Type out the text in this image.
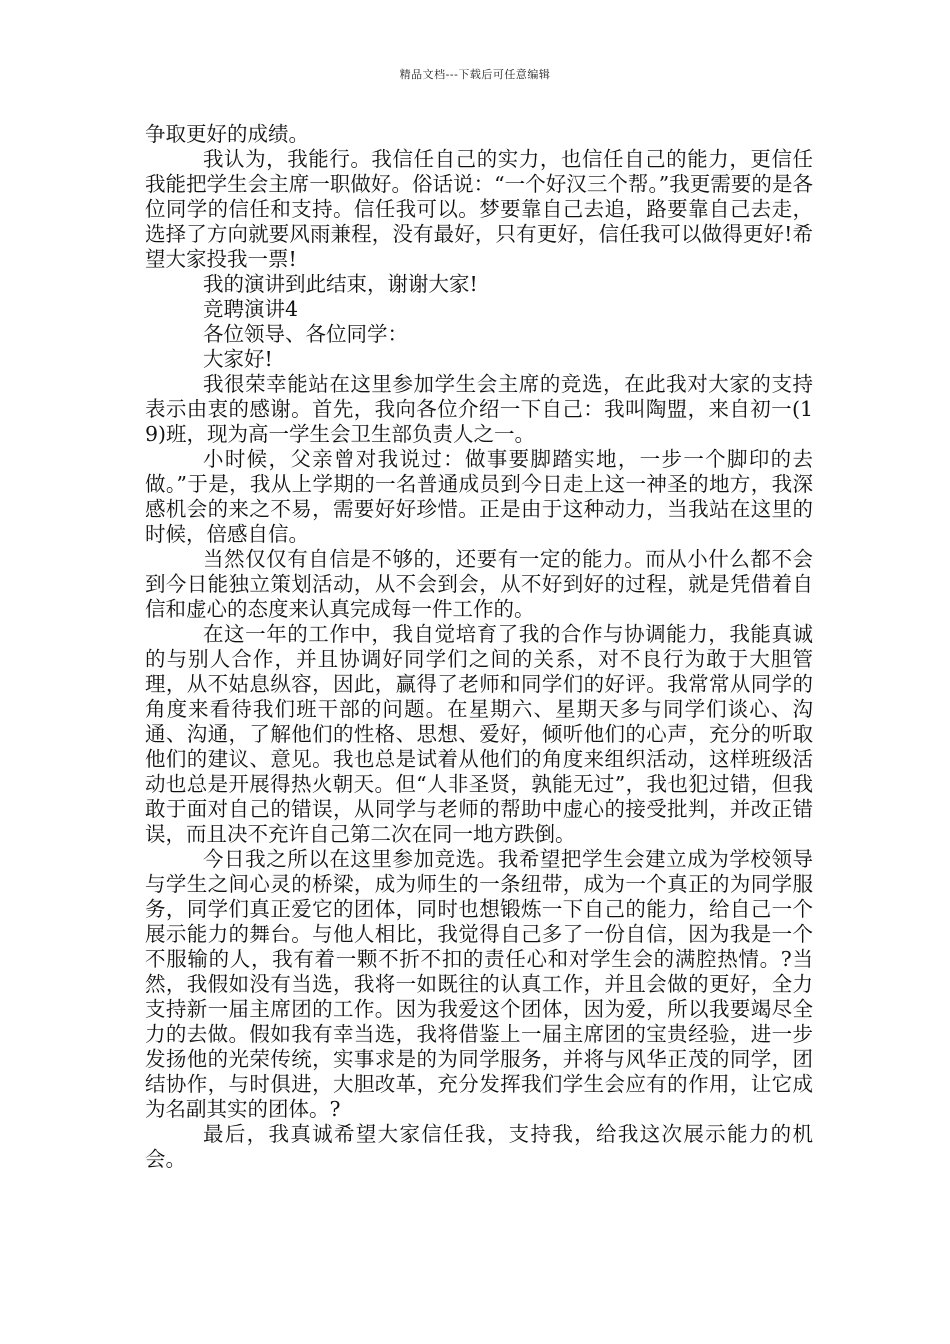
精品文档---下载后可任意编辑

争取更好的成绩。

我认为，我能行。我信任自己的实力，也信任自己的能力，更信任我能把学生会主席一职做好。俗话说：“一个好汉三个帮。”我更需要的是各位同学的信任和支持。信任我可以。梦要靠自己去追，路要靠自己去走，选择了方向就要风雨兼程，没有最好，只有更好，信任我可以做得更好!希望大家投我一票!

我的演讲到此结束，谢谢大家!

竞聘演讲4

各位领导、各位同学：

大家好!

我很荣幸能站在这里参加学生会主席的竞选，在此我对大家的支持表示由衷的感谢。首先，我向各位介绍一下自己：我叫陶盟，来自初一(19)班，现为高一学生会卫生部负责人之一。

小时候，父亲曾对我说过：做事要脚踏实地，一步一个脚印的去做。”于是，我从上学期的一名普通成员到今日走上这一神圣的地方，我深感机会的来之不易，需要好好珍惜。正是由于这种动力，当我站在这里的时候，倍感自信。

当然仅仅有自信是不够的，还要有一定的能力。而从小什么都不会到今日能独立策划活动，从不会到会，从不好到好的过程，就是凭借着自信和虚心的态度来认真完成每一件工作的。

在这一年的工作中，我自觉培育了我的合作与协调能力，我能真诚的与别人合作，并且协调好同学们之间的关系，对不良行为敢于大胆管理，从不姑息纵容，因此，赢得了老师和同学们的好评。我常常从同学的角度来看待我们班干部的问题。在星期六、星期天多与同学们谈心、沟通、沟通，了解他们的性格、思想、爱好，倾听他们的心声，充分的听取他们的建议、意见。我也总是试着从他们的角度来组织活动，这样班级活动也总是开展得热火朝天。但“人非圣贤，孰能无过”，我也犯过错，但我敢于面对自己的错误，从同学与老师的帮助中虚心的接受批判，并改正错误，而且决不充许自己第二次在同一地方跌倒。

今日我之所以在这里参加竞选。我希望把学生会建立成为学校领导与学生之间心灵的桥梁，成为师生的一条纽带，成为一个真正的为同学服务，同学们真正爱它的团体，同时也想锻炼一下自己的能力，给自己一个展示能力的舞台。与他人相比，我觉得自己多了一份自信，因为我是一个不服输的人，我有着一颗不折不扣的责任心和对学生会的满腔热情。?当然，我假如没有当选，我将一如既往的认真工作，并且会做的更好，全力支持新一届主席团的工作。因为我爱这个团体，因为爱，所以我要竭尽全力的去做。假如我有幸当选，我将借鉴上一届主席团的宝贵经验，进一步发扬他的光荣传统，实事求是的为同学服务，并将与风华正茂的同学，团结协作，与时俱进，大胆改革，充分发挥我们学生会应有的作用，让它成为名副其实的团体。?

最后，我真诚希望大家信任我，支持我，给我这次展示能力的机会。
